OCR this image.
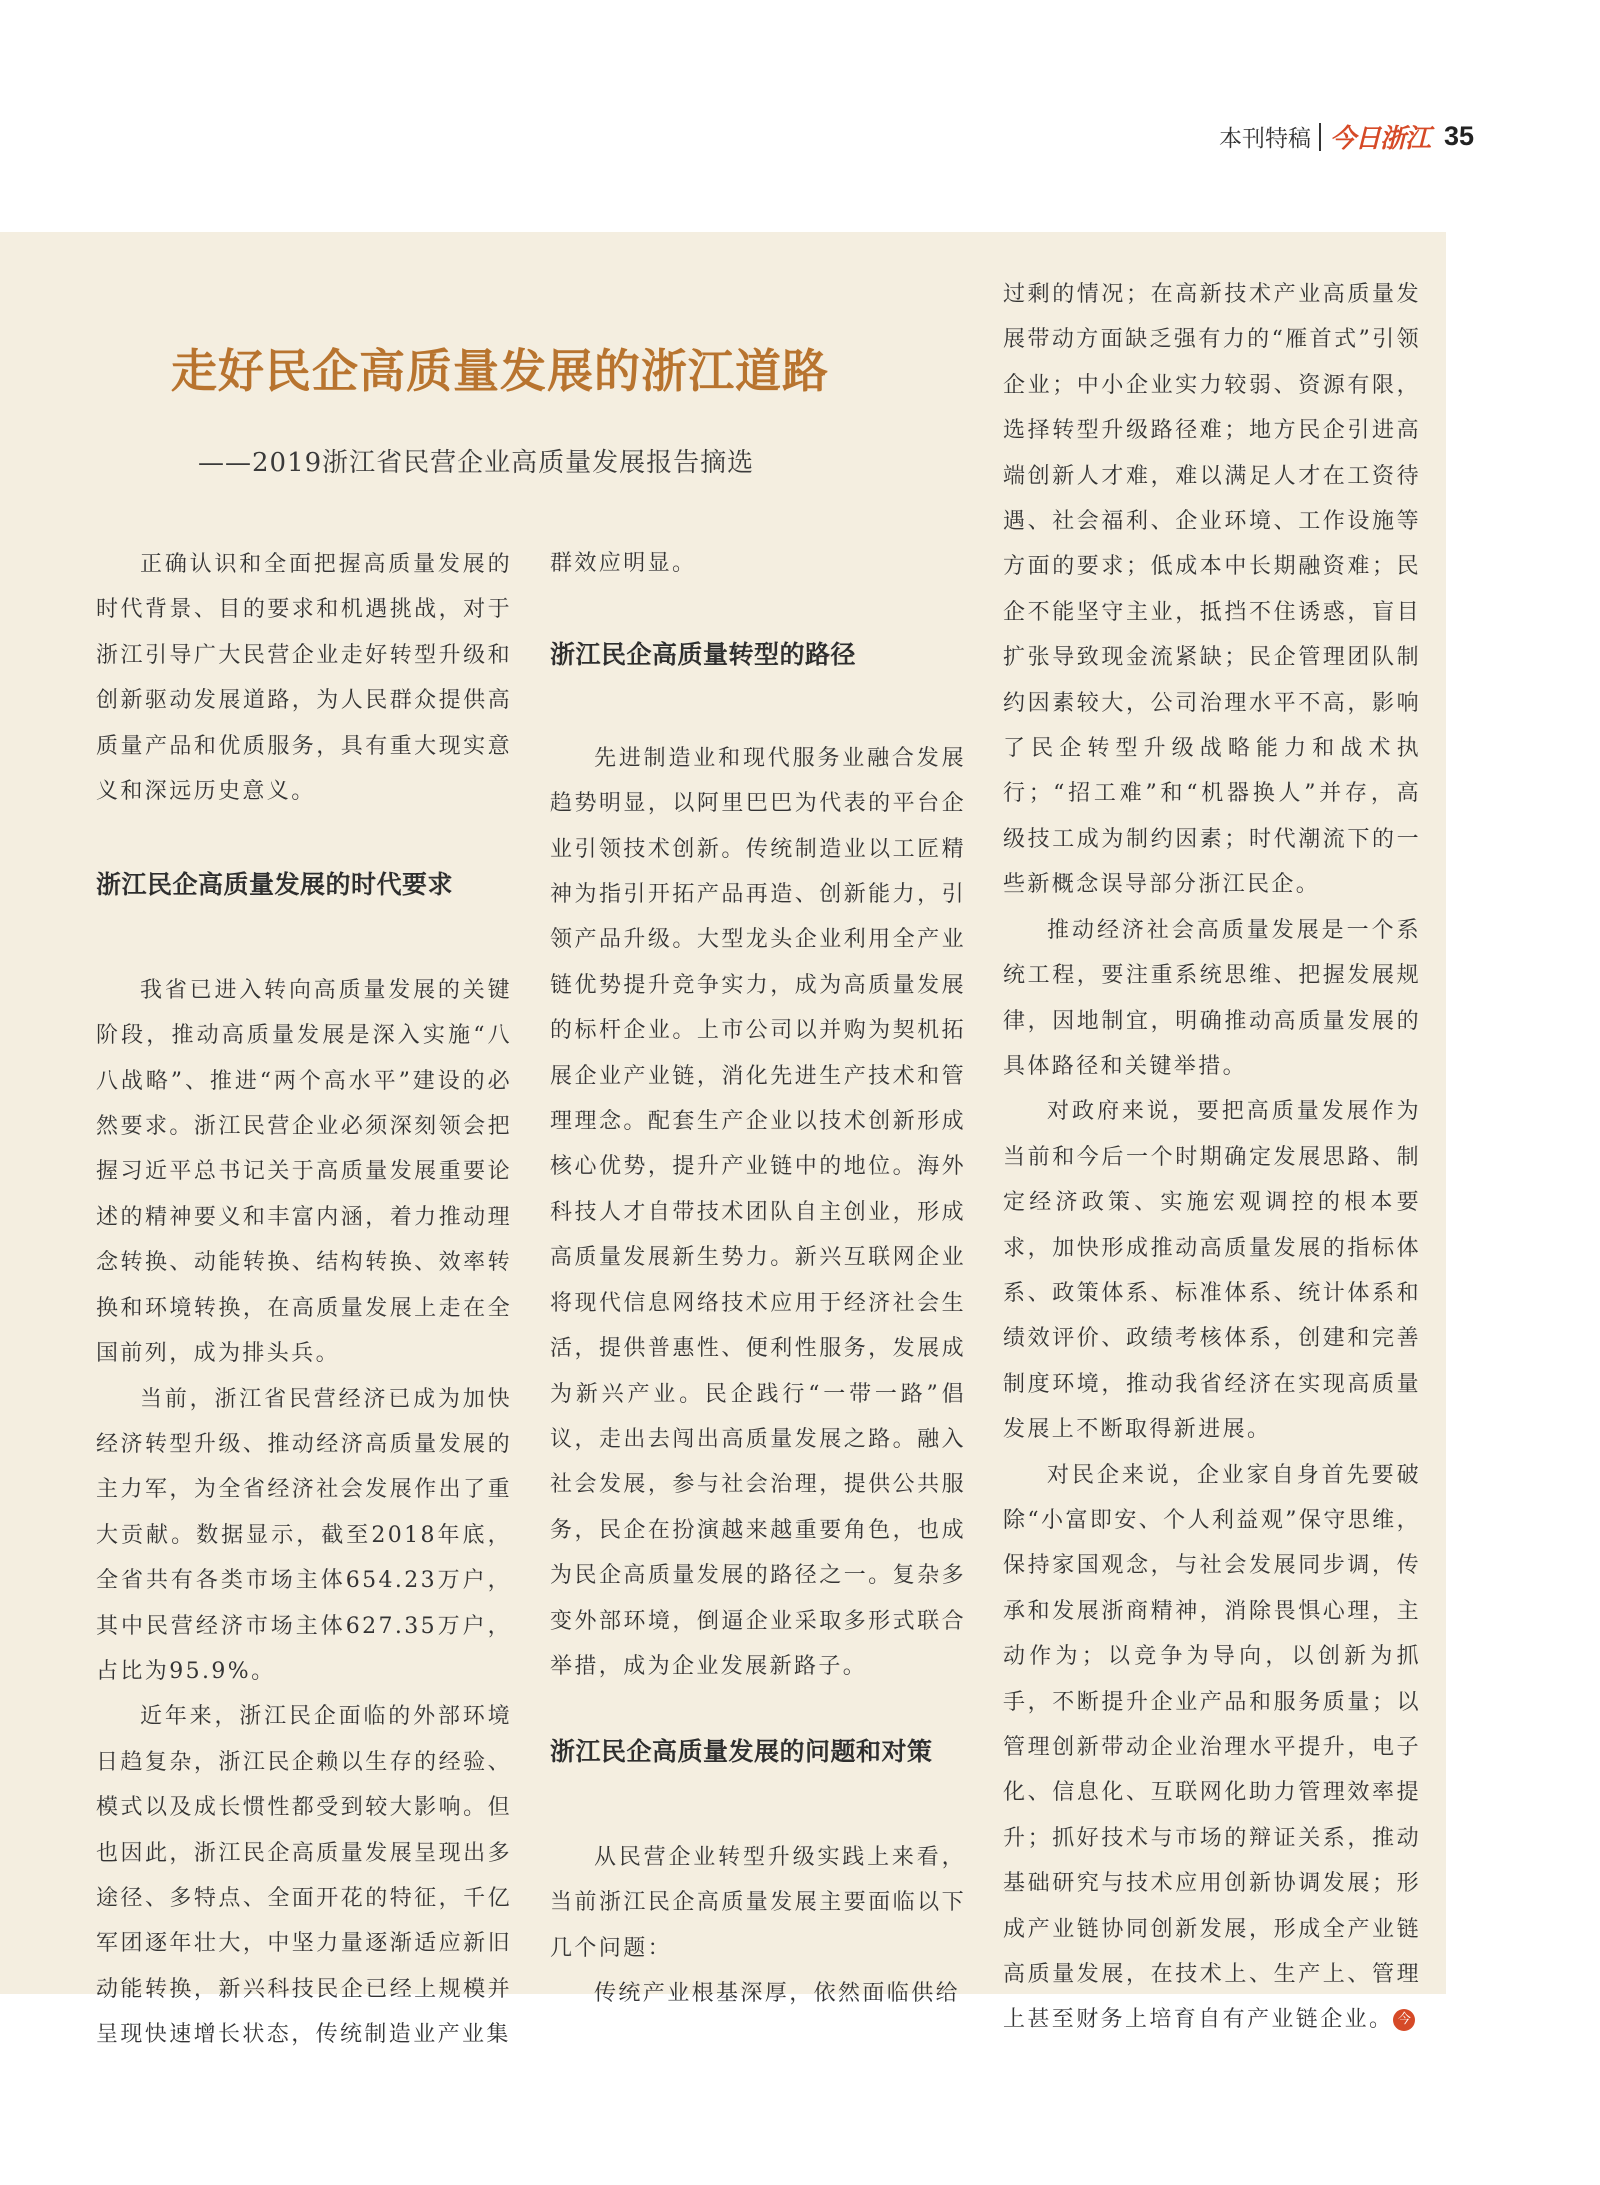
本刊特稿 今日浙江 35
走好民企高质量发展的浙江道路
——2019浙江省民营企业高质量发展报告摘选

正确认识和全面把握高质量发展的时代背景、目的要求和机遇挑战，对于浙江引导广大民营企业走好转型升级和创新驱动发展道路，为人民群众提供高质量产品和优质服务，具有重大现实意义和深远历史意义。

浙江民企高质量发展的时代要求

我省已进入转向高质量发展的关键阶段，推动高质量发展是深入实施“八八战略”、推进“两个高水平”建设的必然要求。浙江民营企业必须深刻领会把握习近平总书记关于高质量发展重要论述的精神要义和丰富内涵，着力推动理念转换、动能转换、结构转换、效率转换和环境转换，在高质量发展上走在全国前列，成为排头兵。

当前，浙江省民营经济已成为加快经济转型升级、推动经济高质量发展的主力军，为全省经济社会发展作出了重大贡献。数据显示，截至2018年底，全省共有各类市场主体654.23万户，其中民营经济市场主体627.35万户，占比为95.9%。

近年来，浙江民企面临的外部环境日趋复杂，浙江民企赖以生存的经验、模式以及成长惯性都受到较大影响。但也因此，浙江民企高质量发展呈现出多途径、多特点、全面开花的特征，千亿军团逐年壮大，中坚力量逐渐适应新旧动能转换，新兴科技民企已经上规模并呈现快速增长状态，传统制造业产业集

群效应明显。

浙江民企高质量转型的路径

先进制造业和现代服务业融合发展趋势明显，以阿里巴巴为代表的平台企业引领技术创新。传统制造业以工匠精神为指引开拓产品再造、创新能力，引领产品升级。大型龙头企业利用全产业链优势提升竞争实力，成为高质量发展的标杆企业。上市公司以并购为契机拓展企业产业链，消化先进生产技术和管理理念。配套生产企业以技术创新形成核心优势，提升产业链中的地位。海外科技人才自带技术团队自主创业，形成高质量发展新生势力。新兴互联网企业将现代信息网络技术应用于经济社会生活，提供普惠性、便利性服务，发展成为新兴产业。民企践行“一带一路”倡议，走出去闯出高质量发展之路。融入社会发展，参与社会治理，提供公共服务，民企在扮演越来越重要角色，也成为民企高质量发展的路径之一。复杂多变外部环境，倒逼企业采取多形式联合举措，成为企业发展新路子。

浙江民企高质量发展的问题和对策

从民营企业转型升级实践上来看，当前浙江民企高质量发展主要面临以下几个问题：

传统产业根基深厚，依然面临供给

过剩的情况；在高新技术产业高质量发展带动方面缺乏强有力的“雁首式”引领企业；中小企业实力较弱、资源有限，选择转型升级路径难；地方民企引进高端创新人才难，难以满足人才在工资待遇、社会福利、企业环境、工作设施等方面的要求；低成本中长期融资难；民企不能坚守主业，抵挡不住诱惑，盲目扩张导致现金流紧缺；民企管理团队制约因素较大，公司治理水平不高，影响了民企转型升级战略能力和战术执行；“招工难”和“机器换人”并存，高级技工成为制约因素；时代潮流下的一些新概念误导部分浙江民企。

推动经济社会高质量发展是一个系统工程，要注重系统思维、把握发展规律，因地制宜，明确推动高质量发展的具体路径和关键举措。

对政府来说，要把高质量发展作为当前和今后一个时期确定发展思路、制定经济政策、实施宏观调控的根本要求，加快形成推动高质量发展的指标体系、政策体系、标准体系、统计体系和绩效评价、政绩考核体系，创建和完善制度环境，推动我省经济在实现高质量发展上不断取得新进展。

对民企来说，企业家自身首先要破除“小富即安、个人利益观”保守思维，保持家国观念，与社会发展同步调，传承和发展浙商精神，消除畏惧心理，主动作为；以竞争为导向，以创新为抓手，不断提升企业产品和服务质量；以管理创新带动企业治理水平提升，电子化、信息化、互联网化助力管理效率提升；抓好技术与市场的辩证关系，推动基础研究与技术应用创新协调发展；形成产业链协同创新发展，形成全产业链高质量发展，在技术上、生产上、管理上甚至财务上培育自有产业链企业。 今
